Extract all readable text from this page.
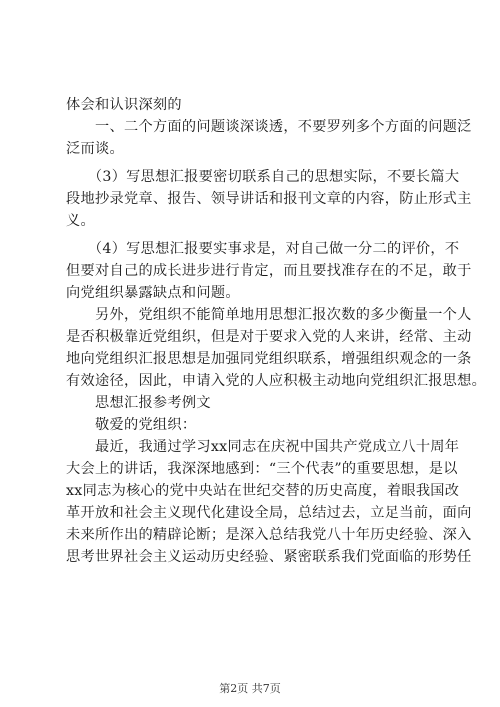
体会和认识深刻的
　　一、二个方面的问题谈深谈透，不要罗列多个方面的问题泛
泛而谈。
　　（3）写思想汇报要密切联系自己的思想实际，不要长篇大
段地抄录党章、报告、领导讲话和报刊文章的内容，防止形式主
义。
　　（4）写思想汇报要实事求是，对自己做一分二的评价，不
但要对自己的成长进步进行肯定，而且要找准存在的不足，敢于
向党组织暴露缺点和问题。
　　另外，党组织不能简单地用思想汇报次数的多少衡量一个人
是否积极靠近党组织，但是对于要求入党的人来讲，经常、主动
地向党组织汇报思想是加强同党组织联系，增强组织观念的一条
有效途径，因此，申请入党的人应积极主动地向党组织汇报思想。
　　思想汇报参考例文
　　敬爱的党组织：
　　最近，我通过学习xx同志在庆祝中国共产党成立八十周年
大会上的讲话，我深深地感到：“三个代表”的重要思想，是以
xx同志为核心的党中央站在世纪交替的历史高度，着眼我国改
革开放和社会主义现代化建设全局，总结过去，立足当前，面向
未来所作出的精辟论断；是深入总结我党八十年历史经验、深入
思考世界社会主义运动历史经验、紧密联系我们党面临的形势任
第2页 共7页
